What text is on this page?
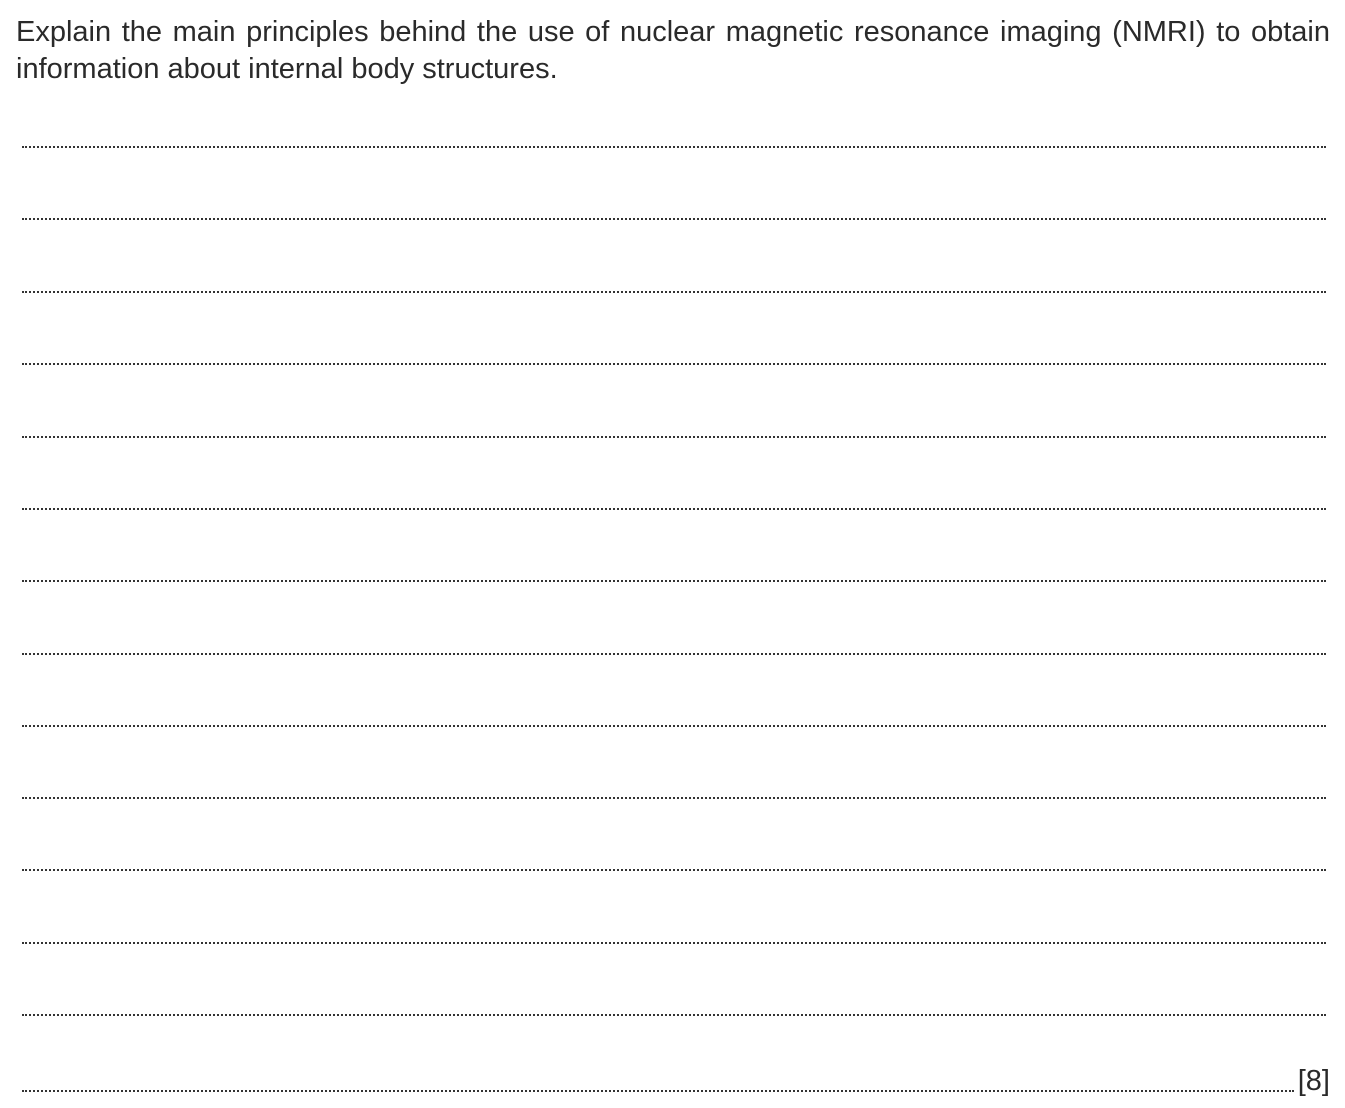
Explain the main principles behind the use of nuclear magnetic resonance imaging (NMRI) to obtain information about internal body structures.

[8]
